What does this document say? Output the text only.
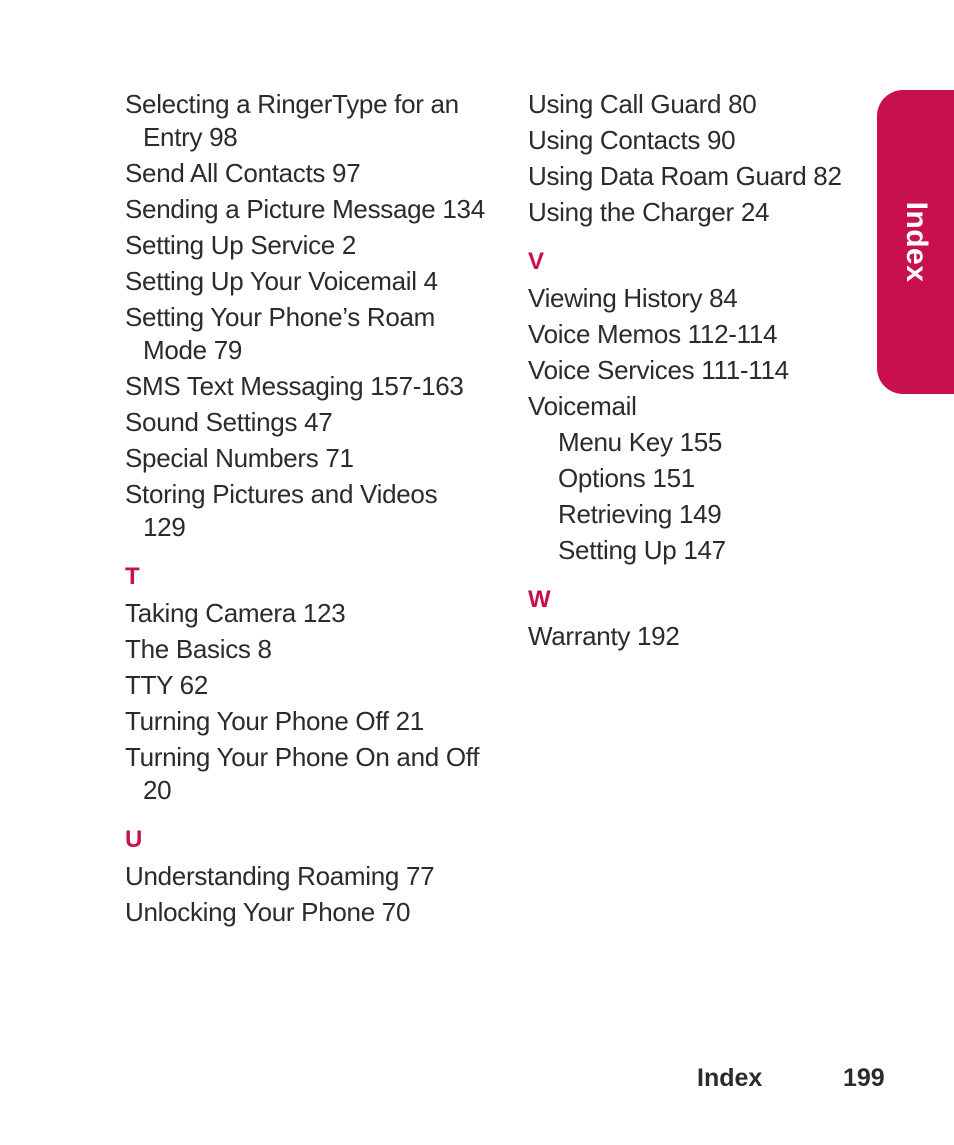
Selecting a RingerType for an Entry 98
Send All Contacts 97
Sending a Picture Message 134
Setting Up Service 2
Setting Up Your Voicemail 4
Setting Your Phone’s Roam Mode 79
SMS Text Messaging 157-163
Sound Settings 47
Special Numbers 71
Storing Pictures and Videos 129
T
Taking Camera 123
The Basics 8
TTY 62
Turning Your Phone Off 21
Turning Your Phone On and Off 20
U
Understanding Roaming 77
Unlocking Your Phone 70
Using Call Guard 80
Using Contacts 90
Using Data Roam Guard 82
Using the Charger 24
V
Viewing History 84
Voice Memos 112-114
Voice Services 111-114
Voicemail
Menu Key 155
Options 151
Retrieving 149
Setting Up 147
W
Warranty 192
Index
Index	199
